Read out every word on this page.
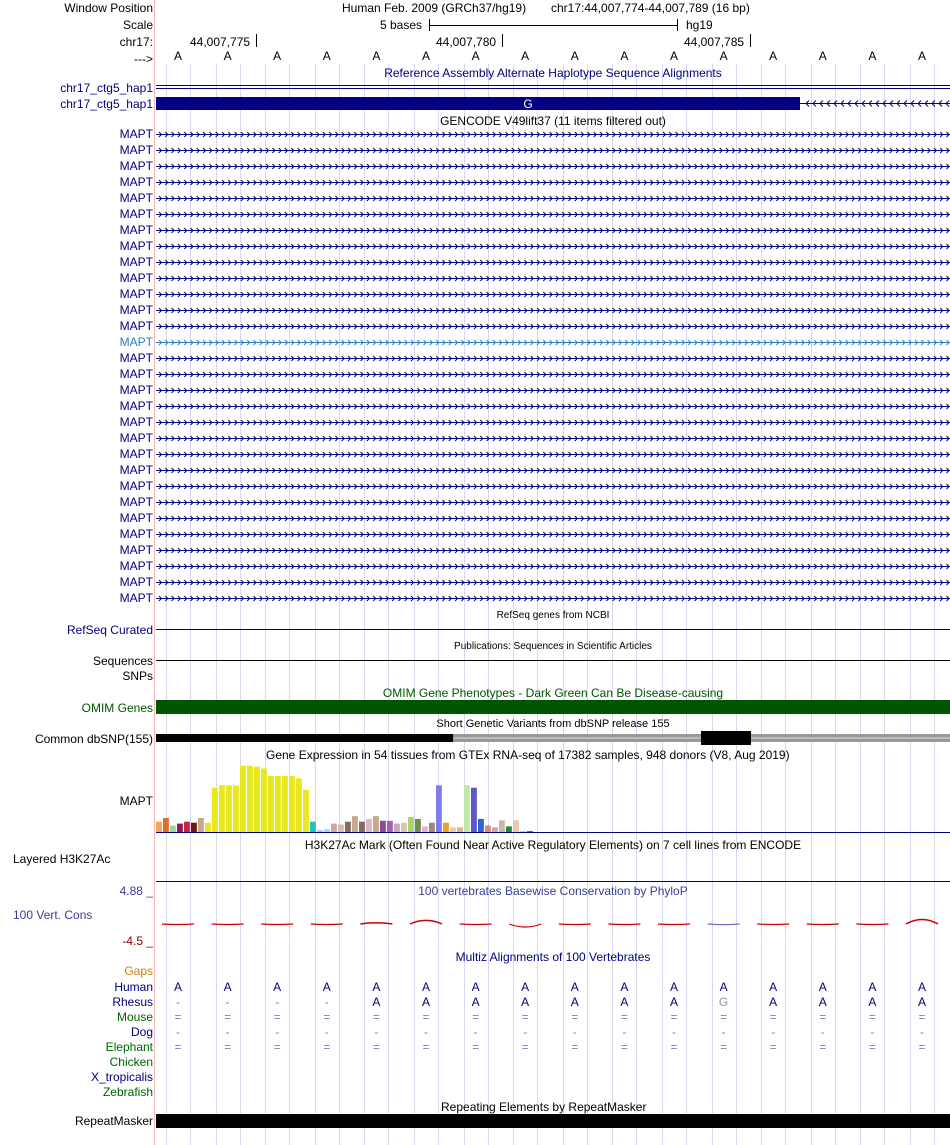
Window Position
Scale
chr17:
--->
Human Feb. 2009 (GRCh37/hg19) chr17:44,007,774-44,007,789 (16 bp)
5 bases	hg19
44,007,775	44,007,780	44,007,785
A	A	A	A	A	A	A	A	A	A	A	A	A	A	A	A
Reference Assembly Alternate Haplotype Sequence Alignments
chr17_ctg5_hap1
chr17_ctg5_hap1	G
GENCODE V49lift37 (11 items filtered out)
MAPT
MAPT
MAPT
MAPT
MAPT
MAPT
MAPT
MAPT
MAPT
MAPT
MAPT
MAPT
MAPT
MAPT
MAPT
MAPT
MAPT
MAPT
MAPT
MAPT
MAPT
MAPT
MAPT
MAPT
MAPT
MAPT
MAPT
MAPT
MAPT
MAPT
RefSeq genes from NCBI
RefSeq Curated
Publications: Sequences in Scientific Articles
Sequences
SNPs
OMIM Gene Phenotypes - Dark Green Can Be Disease-causing
OMIM Genes
Short Genetic Variants from dbSNP release 155
Common dbSNP(155)
Gene Expression in 54 tissues from GTEx RNA-seq of 17382 samples, 948 donors (V8, Aug 2019)
MAPT
H3K27Ac Mark (Often Found Near Active Regulatory Elements) on 7 cell lines from ENCODE
Layered H3K27Ac
100 vertebrates Basewise Conservation by PhyloP
4.88 _
100 Vert. Cons
-4.5 _
Multiz Alignments of 100 Vertebrates
Gaps
Human	A	A	A	A	A	A	A	A	A	A	A	A	A	A	A	A
Rhesus	-	-	-	-	A	A	A	A	A	A	A	G	A	A	A	A
Mouse	=	=	=	=	=	=	=	=	=	=	=	=	=	=	=	=
Dog	-	-	-	-	-	-	-	-	-	-	-	-	-	-	-	-
Elephant	=	=	=	=	=	=	=	=	=	=	=	=	=	=	=	=
Chicken
X_tropicalis
Zebrafish
Repeating Elements by RepeatMasker
RepeatMasker
